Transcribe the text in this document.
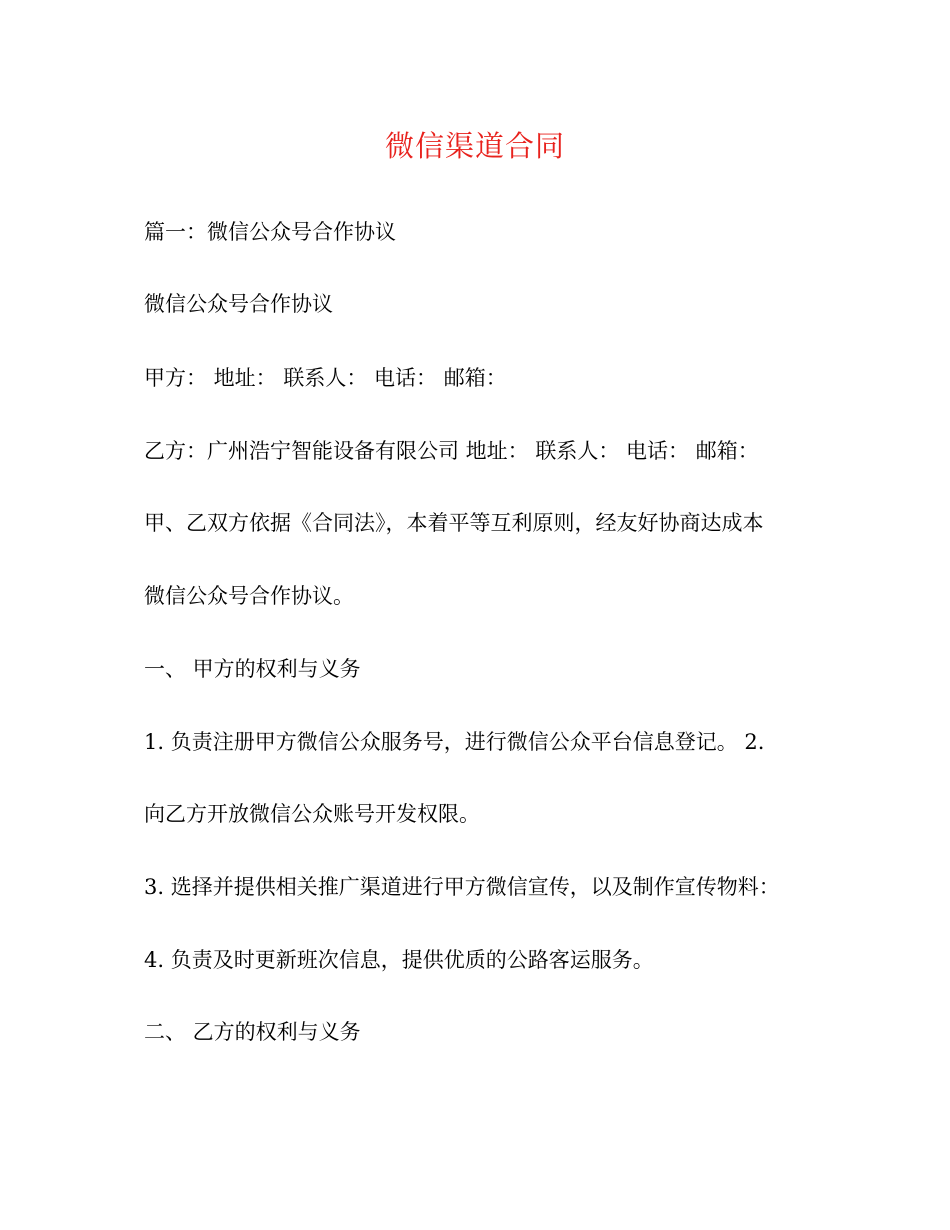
微信渠道合同
篇一：微信公众号合作协议
微信公众号合作协议
甲方： 地址： 联系人： 电话： 邮箱：
乙方：广州浩宁智能设备有限公司 地址： 联系人： 电话： 邮箱：
甲、乙双方依据《合同法》，本着平等互利原则，经友好协商达成本
微信公众号合作协议。
一、 甲方的权利与义务
1. 负责注册甲方微信公众服务号，进行微信公众平台信息登记。 2.
向乙方开放微信公众账号开发权限。
3. 选择并提供相关推广渠道进行甲方微信宣传，以及制作宣传物料：
4. 负责及时更新班次信息，提供优质的公路客运服务。
二、 乙方的权利与义务
